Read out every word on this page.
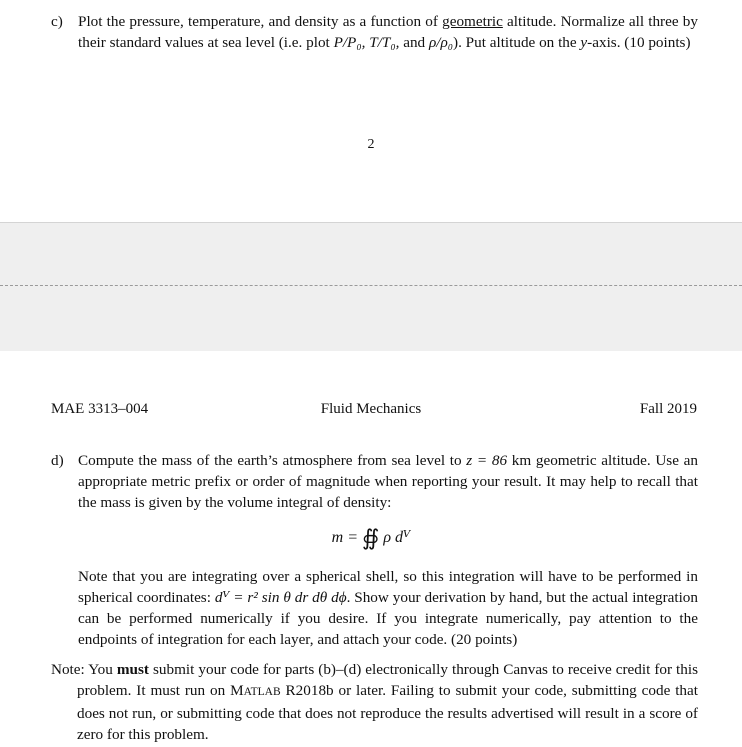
c) Plot the pressure, temperature, and density as a function of geometric altitude. Normalize all three by their standard values at sea level (i.e. plot P/P₀, T/T₀, and ρ/ρ₀). Put altitude on the y-axis. (10 points)
2
MAE 3313–004	Fluid Mechanics	Fall 2019
d) Compute the mass of the earth’s atmosphere from sea level to z = 86 km geometric altitude. Use an appropriate metric prefix or order of magnitude when reporting your result. It may help to recall that the mass is given by the volume integral of density:
m = ∯ ρ dⱽ
Note that you are integrating over a spherical shell, so this integration will have to be performed in spherical coordinates: dⱽ = r² sin θ dr dθ dϕ. Show your derivation by hand, but the actual integration can be performed numerically if you desire. If you integrate numerically, pay attention to the endpoints of integration for each layer, and attach your code. (20 points)
Note: You must submit your code for parts (b)–(d) electronically through Canvas to receive credit for this problem. It must run on MATLAB R2018b or later. Failing to submit your code, submitting code that does not run, or submitting code that does not reproduce the results advertised will result in a score of zero for this problem.
